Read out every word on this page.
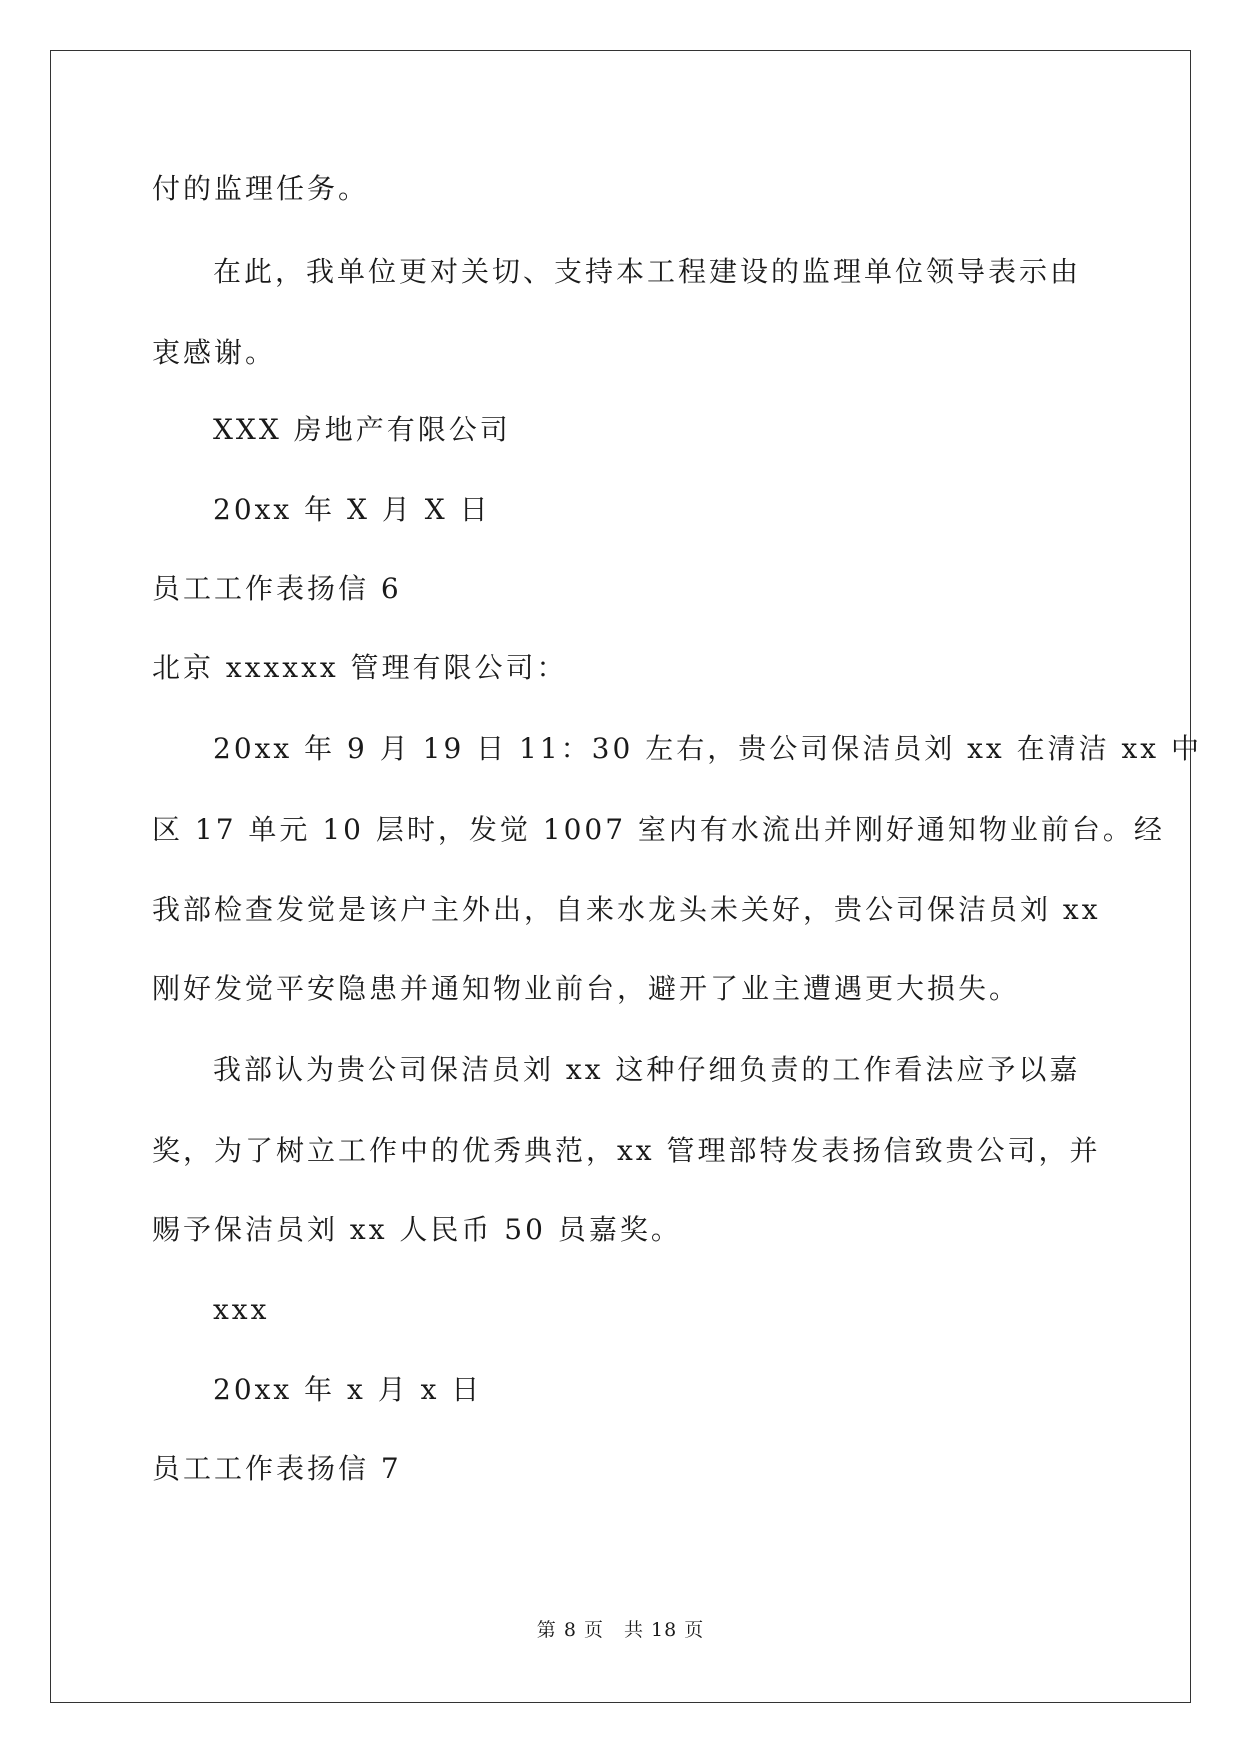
付的监理任务。
在此，我单位更对关切、支持本工程建设的监理单位领导表示由
衷感谢。
XXX 房地产有限公司
20xx 年 X 月 X 日
员工工作表扬信 6
北京 xxxxxx 管理有限公司：
20xx 年 9 月 19 日 11：30 左右，贵公司保洁员刘 xx 在清洁 xx 中
区 17 单元 10 层时，发觉 1007 室内有水流出并刚好通知物业前台。经
我部检查发觉是该户主外出，自来水龙头未关好，贵公司保洁员刘 xx
刚好发觉平安隐患并通知物业前台，避开了业主遭遇更大损失。
我部认为贵公司保洁员刘 xx 这种仔细负责的工作看法应予以嘉
奖，为了树立工作中的优秀典范，xx 管理部特发表扬信致贵公司，并
赐予保洁员刘 xx 人民币 50 员嘉奖。
xxx
20xx 年 x 月 x 日
员工工作表扬信 7
第 8 页　共 18 页
